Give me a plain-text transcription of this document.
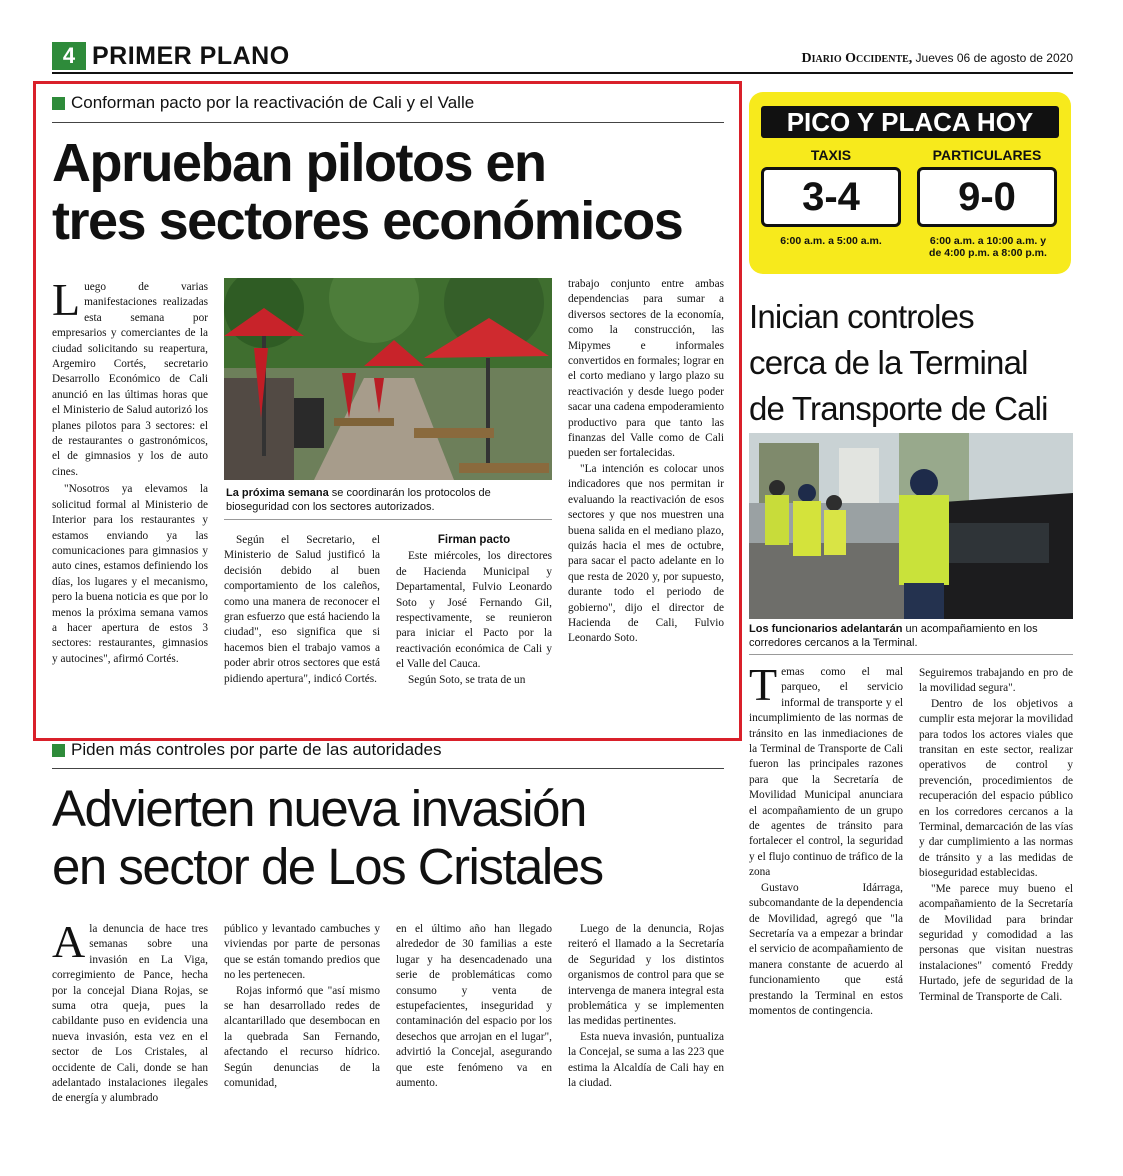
4 PRIMER PLANO	Diario Occidente, Jueves 06 de agosto de 2020
Conforman pacto por la reactivación de Cali y el Valle
Aprueban pilotos en
tres sectores económicos

Luego de varias manifestaciones realizadas esta semana por empresarios y comerciantes de la ciudad solicitando su reapertura, Argemiro Cortés, secretario Desarrollo Económico de Cali anunció en las últimas horas que el Ministerio de Salud autorizó los planes pilotos para 3 sectores: el de restaurantes o gastronómicos, el de gimnasios y los de auto cines.

"Nosotros ya elevamos la solicitud formal al Ministerio de Interior para los restaurantes y estamos enviando ya las comunicaciones para gimnasios y auto cines, estamos definiendo los días, los lugares y el mecanismo, pero la buena noticia es que por lo menos la próxima semana vamos a hacer apertura de estos 3 sectores: restaurantes, gimnasios y autocines", afirmó Cortés.

La próxima semana se coordinarán los protocolos de bioseguridad con los sectores autorizados.

Según el Secretario, el Ministerio de Salud justificó la decisión debido al buen comportamiento de los caleños, como una manera de reconocer el gran esfuerzo que está haciendo la ciudad", eso significa que si hacemos bien el trabajo vamos a poder abrir otros sectores que está pidiendo apertura", indicó Cortés.

Firman pacto

Este miércoles, los directores de Hacienda Municipal y Departamental, Fulvio Leonardo Soto y José Fernando Gil, respectivamente, se reunieron para iniciar el Pacto por la reactivación económica de Cali y el Valle del Cauca.

Según Soto, se trata de un

trabajo conjunto entre ambas dependencias para sumar a diversos sectores de la economía, como la construcción, las Mipymes e informales convertidos en formales; lograr en el corto mediano y largo plazo su reactivación y desde luego poder sacar una cadena empoderamiento productivo para que tanto las finanzas del Valle como de Cali pueden ser fortalecidas.

"La intención es colocar unos indicadores que nos permitan ir evaluando la reactivación de esos sectores y que nos muestren una buena salida en el mediano plazo, quizás hacia el mes de octubre, para sacar el pacto adelante en lo que resta de 2020 y, por supuesto, durante todo el periodo de gobierno", dijo el director de Hacienda de Cali, Fulvio Leonardo Soto.

PICO Y PLACA HOY
TAXIS	PARTICULARES
3-4	9-0
6:00 a.m. a 5:00 a.m.	6:00 a.m. a 10:00 a.m. y
de 4:00 p.m. a 8:00 p.m.
Inician controles
cerca de la Terminal
de Transporte de Cali
Los funcionarios adelantarán un acompañamiento en los corredores cercanos a la Terminal.

Temas como el mal parqueo, el servicio informal de transporte y el incumplimiento de las normas de tránsito en las inmediaciones de la Terminal de Transporte de Cali fueron las principales razones para que la Secretaría de Movilidad Municipal anunciara el acompañamiento de un grupo de agentes de tránsito para fortalecer el control, la seguridad y el flujo continuo de tráfico de la zona

Gustavo Idárraga, subcomandante de la dependencia de Movilidad, agregó que "la Secretaría va a empezar a brindar el servicio de acompañamiento de manera constante de acuerdo al funcionamiento que está prestando la Terminal en estos momentos de contingencia.

Seguiremos trabajando en pro de la movilidad segura".

Dentro de los objetivos a cumplir esta mejorar la movilidad para todos los actores viales que transitan en este sector, realizar operativos de control y prevención, procedimientos de recuperación del espacio público en los corredores cercanos a la Terminal, demarcación de las vías y dar cumplimiento a las normas de tránsito y a las medidas de bioseguridad establecidas.

"Me parece muy bueno el acompañamiento de la Secretaría de Movilidad para brindar seguridad y comodidad a las personas que visitan nuestras instalaciones" comentó Freddy Hurtado, jefe de seguridad de la Terminal de Transporte de Cali.

Piden más controles por parte de las autoridades
Advierten nueva invasión
en sector de Los Cristales

Ala denuncia de hace tres semanas sobre una invasión en La Viga, corregimiento de Pance, hecha por la concejal Diana Rojas, se suma otra queja, pues la cabildante puso en evidencia una nueva invasión, esta vez en el sector de Los Cristales, al occidente de Cali, donde se han adelantado instalaciones ilegales de energía y alumbrado

público y levantado cambuches y viviendas por parte de personas que se están tomando predios que no les pertenecen.

Rojas informó que "así mismo se han desarrollado redes de alcantarillado que desembocan en la quebrada San Fernando, afectando el recurso hídrico. Según denuncias de la comunidad,

en el último año han llegado alrededor de 30 familias a este lugar y ha desencadenado una serie de problemáticas como consumo y venta de estupefacientes, inseguridad y contaminación del espacio por los desechos que arrojan en el lugar", advirtió la Concejal, asegurando que este fenómeno va en aumento.

Luego de la denuncia, Rojas reiteró el llamado a la Secretaría de Seguridad y los distintos organismos de control para que se intervenga de manera integral esta problemática y se implementen las medidas pertinentes.

Esta nueva invasión, puntualiza la Concejal, se suma a las 223 que estima la Alcaldía de Cali hay en la ciudad.
